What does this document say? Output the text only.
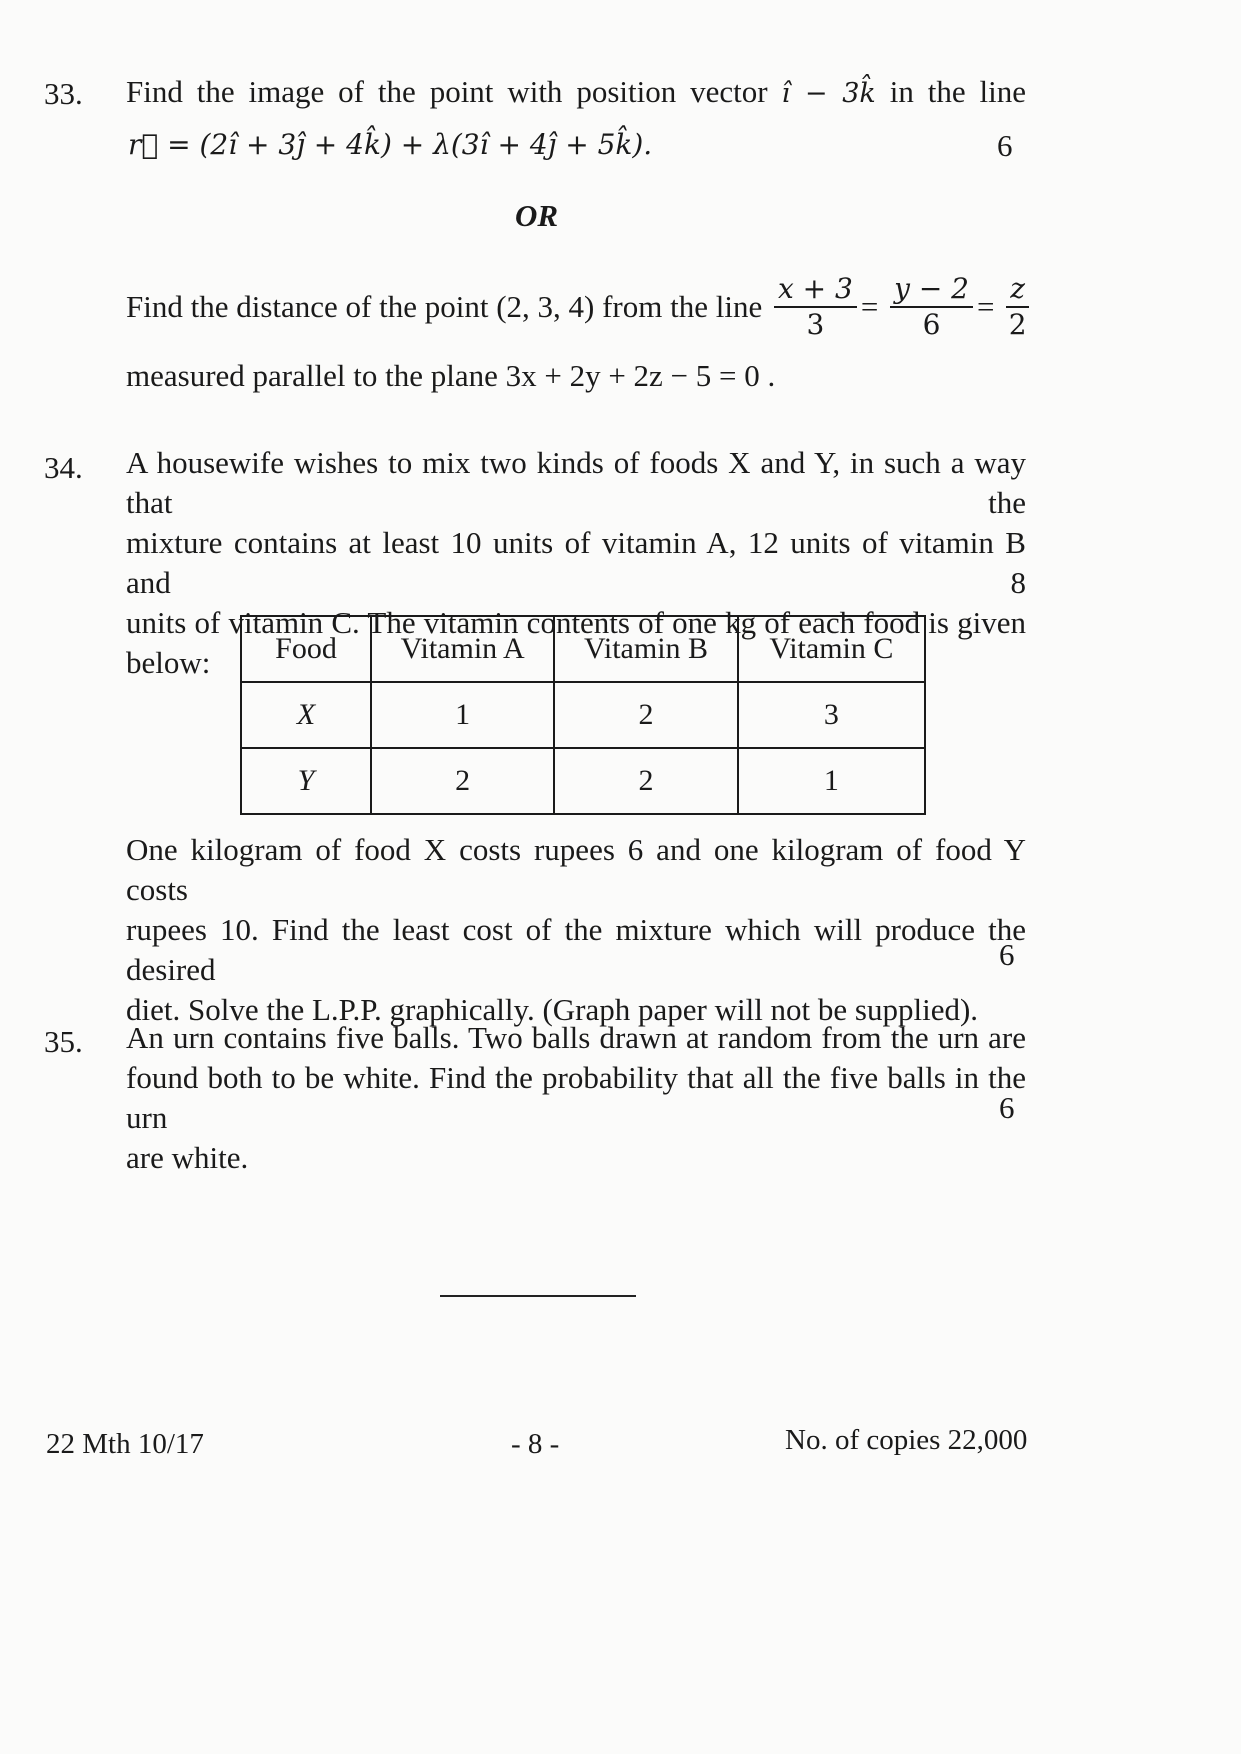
33. Find the image of the point with position vector î − 3k̂ in the line
r⃗ = (2î + 3ĵ + 4k̂) + λ(3î + 4ĵ + 5k̂).	6
OR
Find the distance of the point (2, 3, 4) from the line $\frac{x + 3}{3} = \frac{y - 2}{6} = \frac{z}{2}$
measured parallel to the plane 3x + 2y + 2z − 5 = 0 .
34. A housewife wishes to mix two kinds of foods X and Y, in such a way that the
mixture contains at least 10 units of vitamin A, 12 units of vitamin B and 8
units of vitamin C. The vitamin contents of one kg of each food is given
below:	Food	Vitamin A	Vitamin B	Vitamin C
X	1	2	3
Y	2	2	1
One kilogram of food X costs rupees 6 and one kilogram of food Y costs
rupees 10. Find the least cost of the mixture which will produce the desired
diet. Solve the L.P.P. graphically. (Graph paper will not be supplied).
6
35. An urn contains five balls. Two balls drawn at random from the urn are
found both to be white. Find the probability that all the five balls in the urn
are white.
6
22 Mth 10/17	- 8 -	No. of copies 22,000
